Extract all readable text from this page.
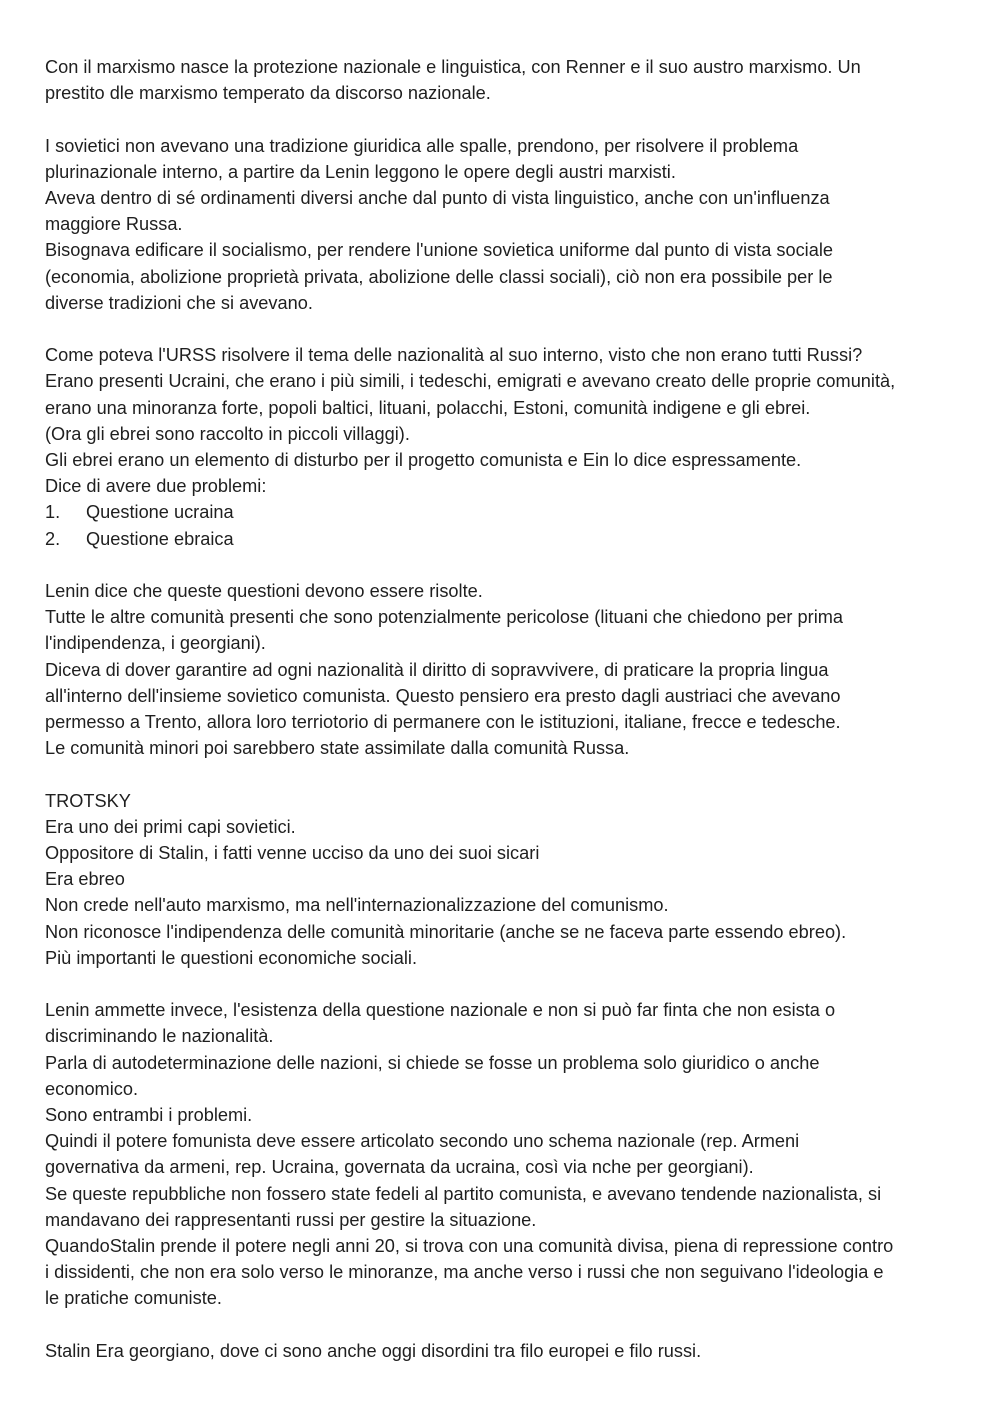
Con il marxismo nasce la protezione nazionale e linguistica, con Renner e il suo austro marxismo. Un
prestito dle marxismo temperato da discorso nazionale.
I sovietici non avevano una tradizione giuridica alle spalle, prendono, per risolvere il problema
plurinazionale interno, a partire da Lenin leggono le opere degli austri marxisti.
Aveva dentro di sé ordinamenti diversi anche dal punto di vista linguistico, anche con un'influenza
maggiore Russa.
Bisognava edificare il socialismo, per rendere l'unione sovietica uniforme dal punto di vista sociale
(economia, abolizione proprietà privata, abolizione delle classi sociali), ciò non era possibile per le
diverse tradizioni che si avevano.
Come poteva l'URSS risolvere il tema delle nazionalità al suo interno, visto che non erano tutti Russi?
Erano presenti Ucraini, che erano i più simili, i tedeschi, emigrati e avevano creato delle proprie comunità,
erano una minoranza forte, popoli baltici, lituani, polacchi, Estoni, comunità indigene e gli ebrei.
(Ora gli ebrei sono raccolto in piccoli villaggi).
Gli ebrei erano un elemento di disturbo per il progetto comunista e Ein lo dice espressamente.
Dice di avere due problemi:
1. Questione ucraina
2. Questione ebraica
Lenin dice che queste questioni devono essere risolte.
Tutte le altre comunità presenti che sono potenzialmente pericolose (lituani che chiedono per prima
l'indipendenza, i georgiani).
Diceva di dover garantire ad ogni nazionalità il diritto di sopravvivere, di praticare la propria lingua
all'interno dell'insieme sovietico comunista. Questo pensiero era presto dagli austriaci che avevano
permesso a Trento, allora loro terriotorio di permanere con le istituzioni, italiane, frecce e tedesche.
Le comunità minori poi sarebbero state assimilate dalla comunità Russa.
TROTSKY
Era uno dei primi capi sovietici.
Oppositore di Stalin, i fatti venne ucciso da uno dei suoi sicari
Era ebreo
Non crede nell'auto marxismo, ma nell'internazionalizzazione del comunismo.
Non riconosce l'indipendenza delle comunità minoritarie (anche se ne faceva parte essendo ebreo).
Più importanti le questioni economiche sociali.
Lenin ammette invece, l'esistenza della questione nazionale e non si può far finta che non esista o
discriminando le nazionalità.
Parla di autodeterminazione delle nazioni, si chiede se fosse un problema solo giuridico o anche
economico.
Sono entrambi i problemi.
Quindi il potere fomunista deve essere articolato secondo uno schema nazionale (rep. Armeni
governativa da armeni, rep. Ucraina, governata da ucraina, così via nche per georgiani).
Se queste repubbliche non fossero state fedeli al partito comunista, e avevano tendende nazionalista, si
mandavano dei rappresentanti russi per gestire la situazione.
QuandoStalin prende il potere negli anni 20, si trova con una comunità divisa, piena di repressione contro
i dissidenti, che non era solo verso le minoranze, ma anche verso i russi che non seguivano l'ideologia e
le pratiche comuniste.
Stalin Era georgiano, dove ci sono anche oggi disordini tra filo europei e filo russi.
